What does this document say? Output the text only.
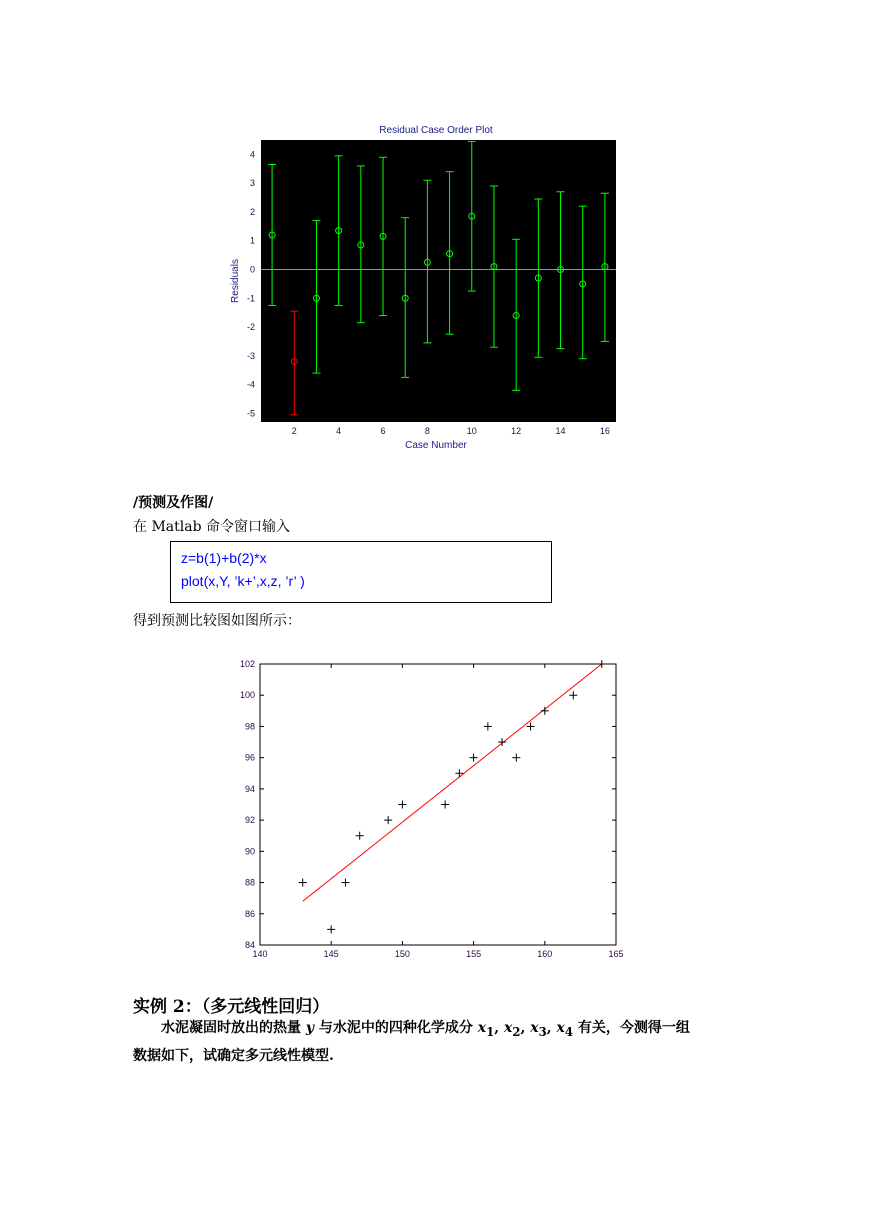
Residual Case Order Plot
-5
-4
-3
-2
-1
0
1
2
3
4
2	4	6	8	10	12	14	16
Case Number
Residuals
/预测及作图/
在 Matlab 命令窗口输入
z=b(1)+b(2)*x
plot(x,Y, ’k+’,x,z, ’r’ )
得到预测比较图如图所示：
84
86
88
90
92
94
96
98
100
102
140	145	150	155	160	165
实例 2：（多元线性回归）
水泥凝固时放出的热量 y 与水泥中的四种化学成分 $x_1$, $x_2$, $x_3$, $x_4$ 有关，今测得一组
数据如下，试确定多元线性模型.
